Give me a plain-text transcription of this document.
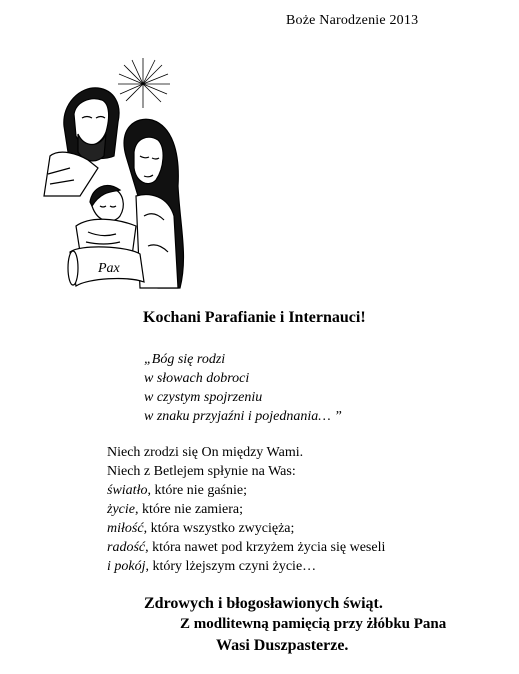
Boże Narodzenie 2013
Pax
Kochani Parafianie i Internauci!
„Bóg się rodzi
w słowach dobroci
w czystym spojrzeniu
w znaku przyjaźni i pojednania… ”
Niech zrodzi się On między Wami.
Niech z Betlejem spłynie na Was:
światło, które nie gaśnie;
życie, które nie zamiera;
miłość, która wszystko zwycięża;
radość, która nawet pod krzyżem życia się weseli
i pokój, który lżejszym czyni życie…
Zdrowych i błogosławionych świąt.
Z modlitewną pamięcią przy żłóbku Pana
Wasi Duszpasterze.
